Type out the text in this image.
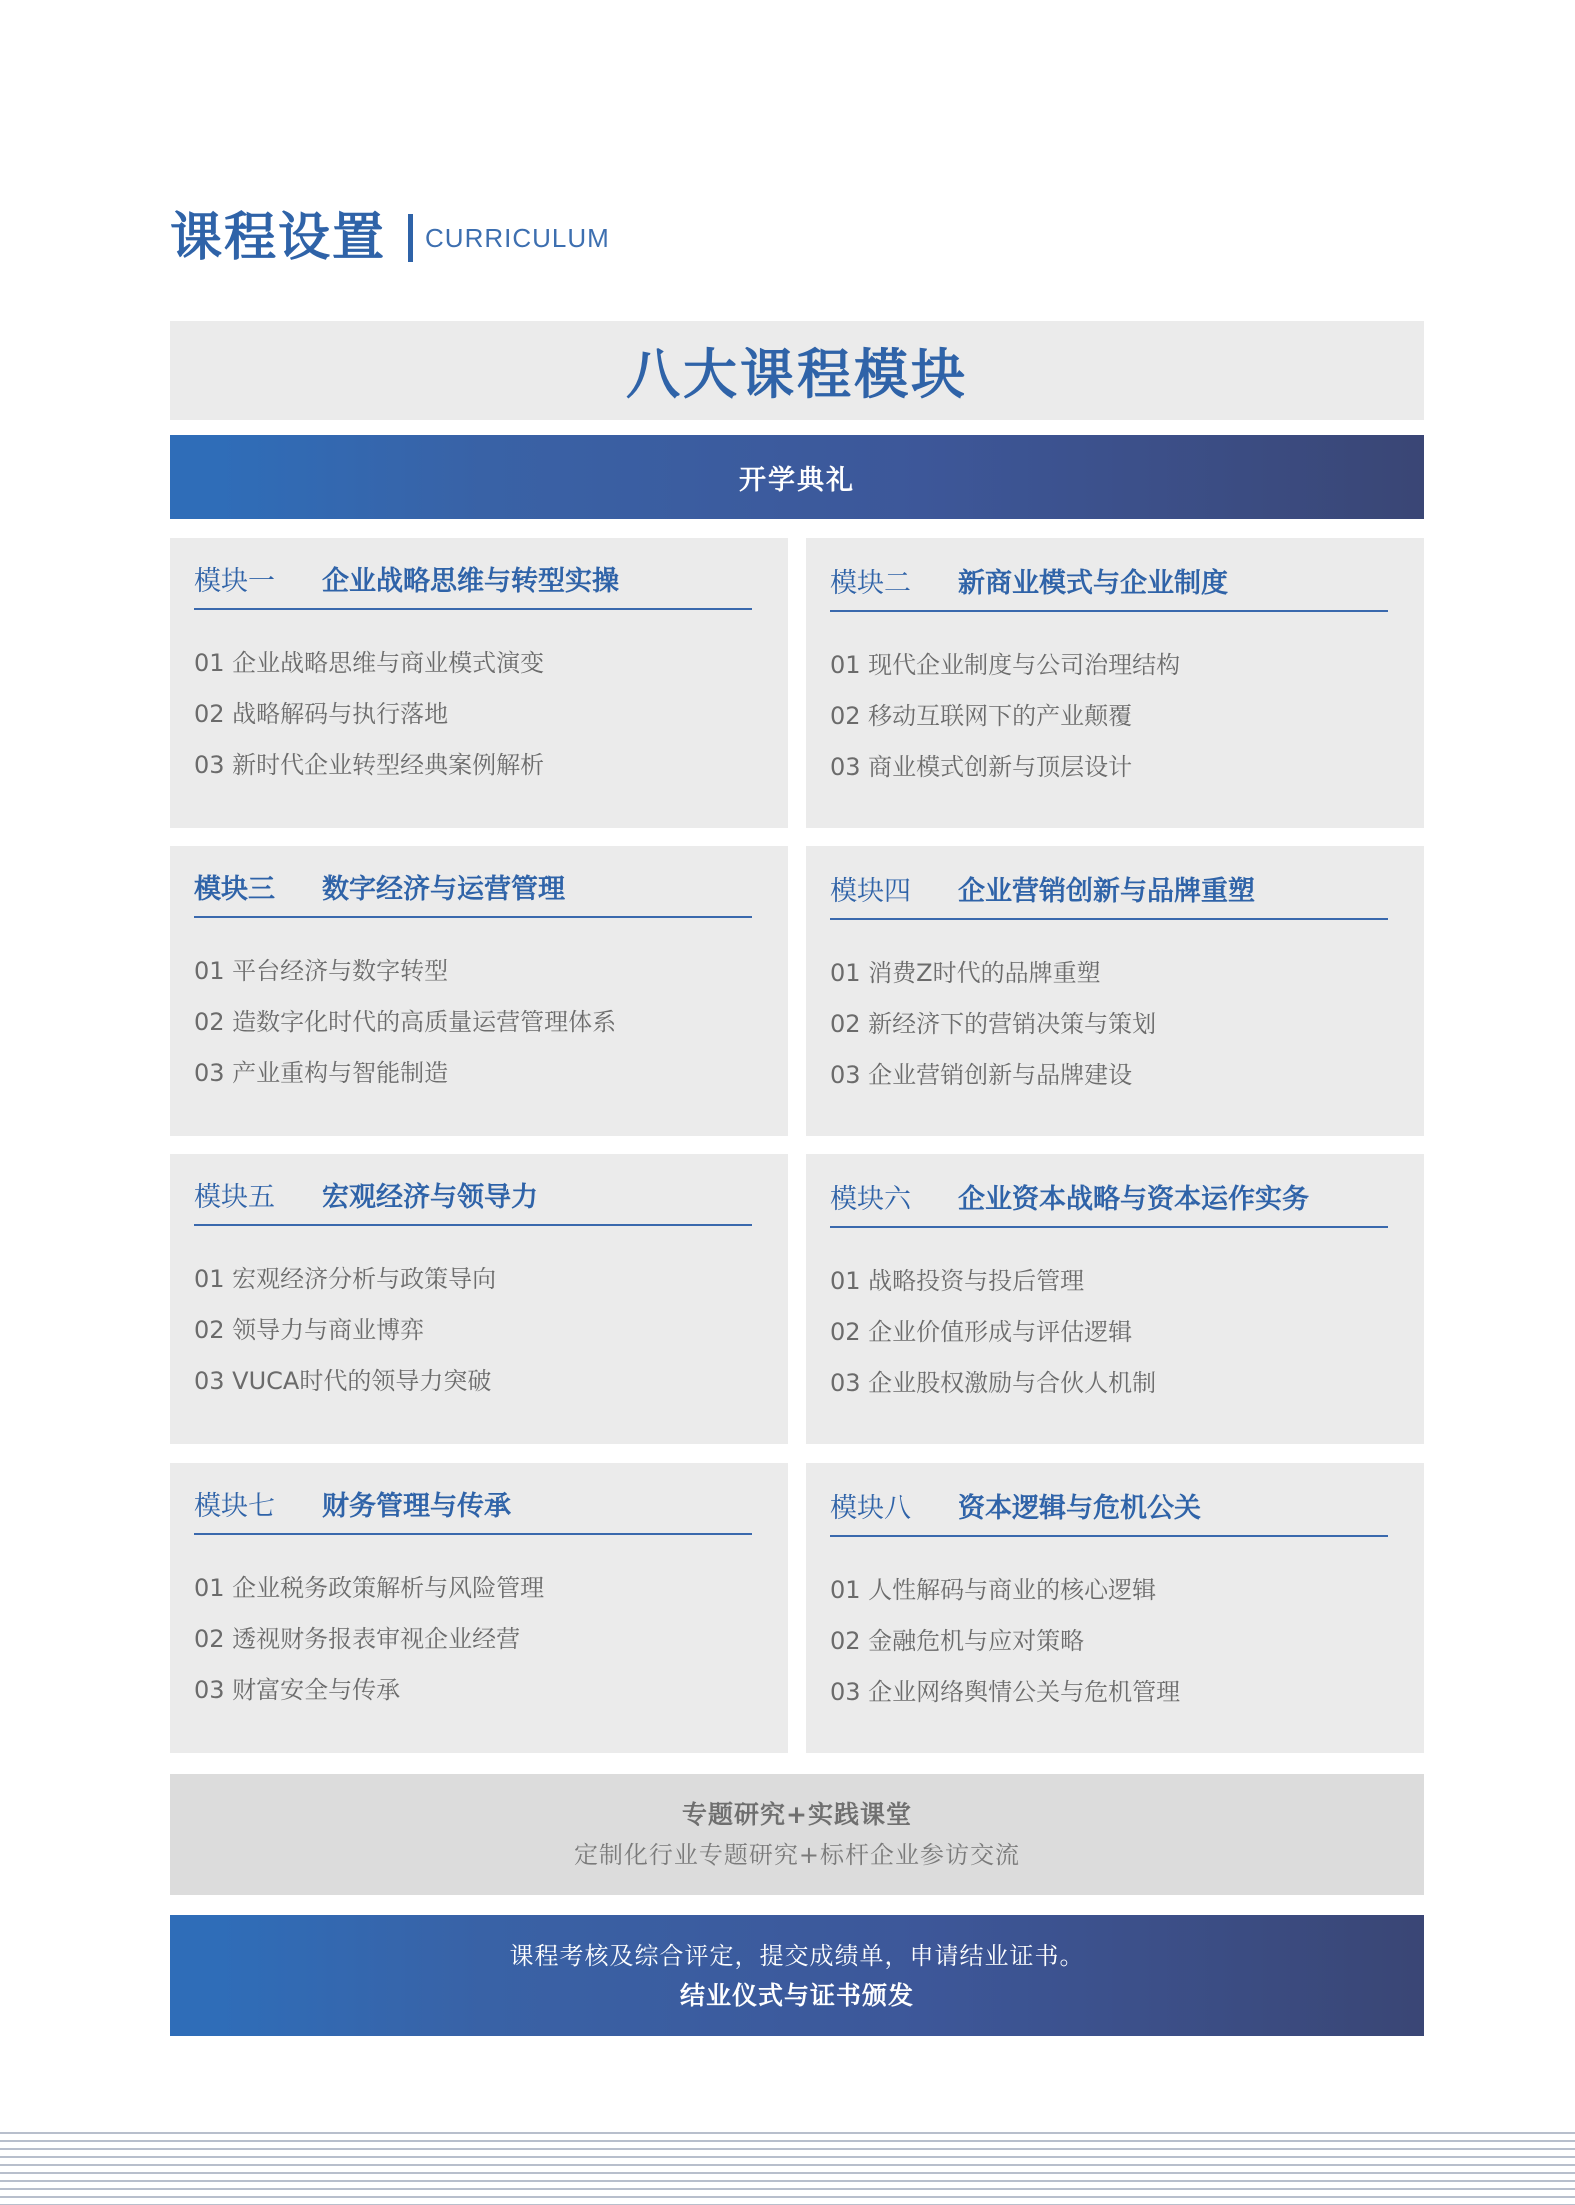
课程设置 CURRICULUM
八大课程模块
开学典礼
模块一	企业战略思维与转型实操
01 企业战略思维与商业模式演变
02 战略解码与执行落地
03 新时代企业转型经典案例解析
模块二	新商业模式与企业制度
01 现代企业制度与公司治理结构
02 移动互联网下的产业颠覆
03 商业模式创新与顶层设计
模块三	数字经济与运营管理
01 平台经济与数字转型
02 造数字化时代的高质量运营管理体系
03 产业重构与智能制造
模块四	企业营销创新与品牌重塑
01 消费Z时代的品牌重塑
02 新经济下的营销决策与策划
03 企业营销创新与品牌建设
模块五	宏观经济与领导力
01 宏观经济分析与政策导向
02 领导力与商业博弈
03 VUCA时代的领导力突破
模块六	企业资本战略与资本运作实务
01 战略投资与投后管理
02 企业价值形成与评估逻辑
03 企业股权激励与合伙人机制
模块七	财务管理与传承
01 企业税务政策解析与风险管理
02 透视财务报表审视企业经营
03 财富安全与传承
模块八	资本逻辑与危机公关
01 人性解码与商业的核心逻辑
02 金融危机与应对策略
03 企业网络舆情公关与危机管理
专题研究+实践课堂
定制化行业专题研究+标杆企业参访交流
课程考核及综合评定，提交成绩单，申请结业证书。
结业仪式与证书颁发
